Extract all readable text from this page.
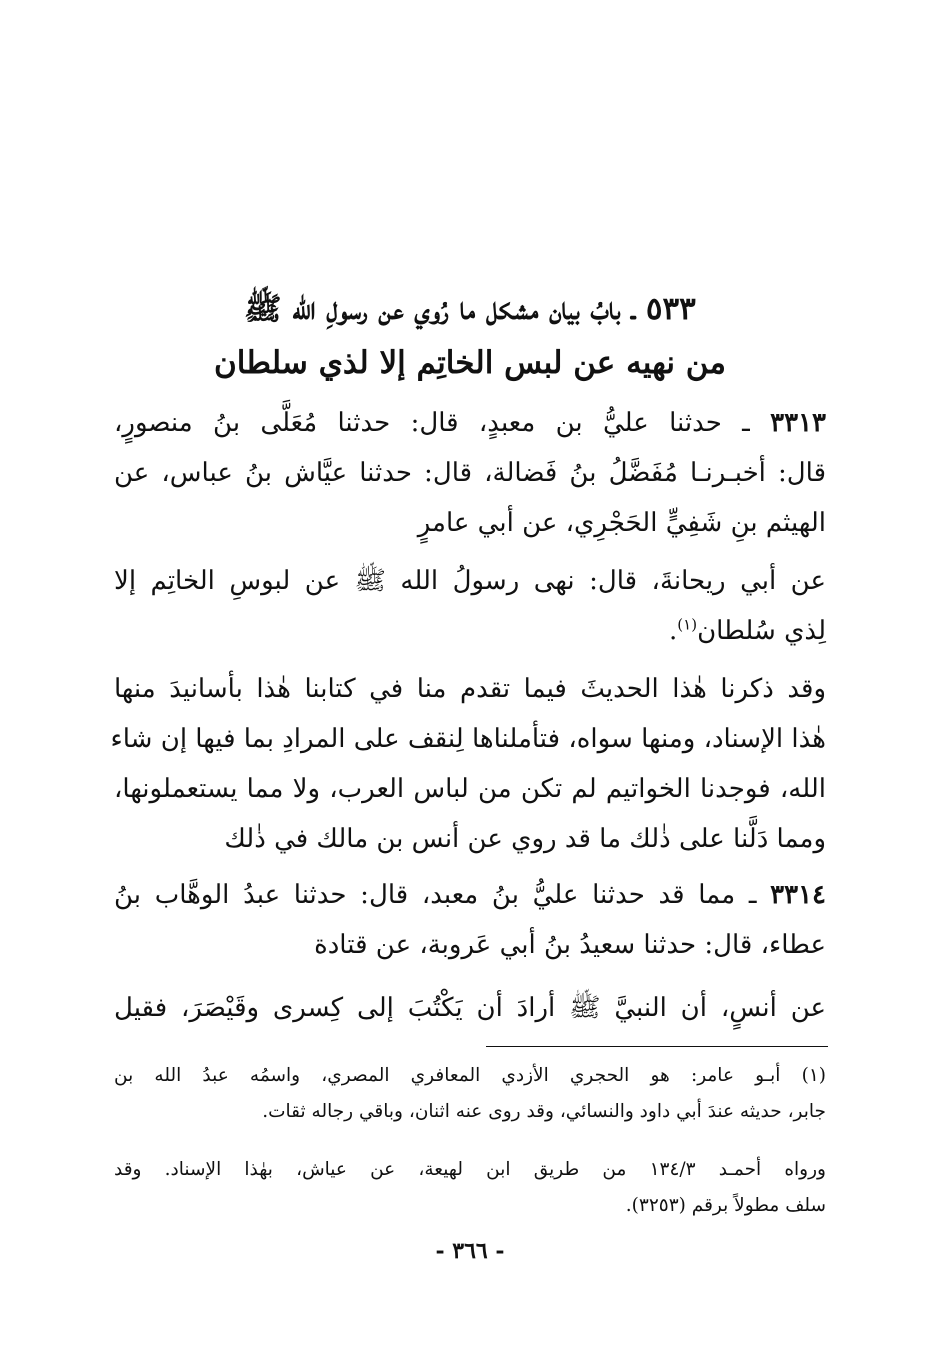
٥٣٣ ـ بابُ بيان مشكل ما رُوي عن رسولِ الله ﷺ
من نهيه عن لبس الخاتِم إلا لذي سلطان
٣٣١٣ ـ حدثنا عليُّ بن معبدٍ، قال: حدثنا مُعَلَّى بنُ منصورٍ،
قال: أخبـرنـا مُفَضَّلُ بنُ فَضالة، قال: حدثنا عيَّاش بنُ عباس، عن
الهيثم بنِ شَفِيٍّ الحَجْرِي، عن أبي عامرٍ
عن أبي ريحانةَ، قال: نهى رسولُ الله ﷺ عن لبوسِ الخاتِم إلا
لِذي سُلطان$^{(١)}$.
وقد ذكرنا هٰذا الحديثَ فيما تقدم منا في كتابنا هٰذا بأسانيدَ منها
هٰذا الإسناد، ومنها سواه، فتأملناها لِنقف على المرادِ بما فيها إن شاء
الله، فوجدنا الخواتيم لم تكن من لباس العرب، ولا مما يستعملونها،
ومما دَلَّنا على ذٰلك ما قد روي عن أنس بن مالك في ذٰلك
٣٣١٤ ـ مما قد حدثنا عليُّ بنُ معبد، قال: حدثنا عبدُ الوهَّاب بنُ
عطاء، قال: حدثنا سعيدُ بنُ أبي عَروبة، عن قتادة
عن أنسٍ، أن النبيَّ ﷺ أرادَ أن يَكْتُبَ إلى كِسرى وقَيْصَرَ، فقيل
(١) أبـو عامر: هو الحجري الأزدي المعافري المصري، واسمُه عبدُ الله بن
جابر، حديثه عندَ أبي داود والنسائي، وقد روى عنه اثنان، وباقي رجاله ثقات.
ورواه أحمـد ١٣٤/٣ من طريق ابن لهيعة، عن عياش، بهٰذا الإسناد. وقد
سلف مطولاً برقم (٣٢٥٣).
- ٣٦٦ -
